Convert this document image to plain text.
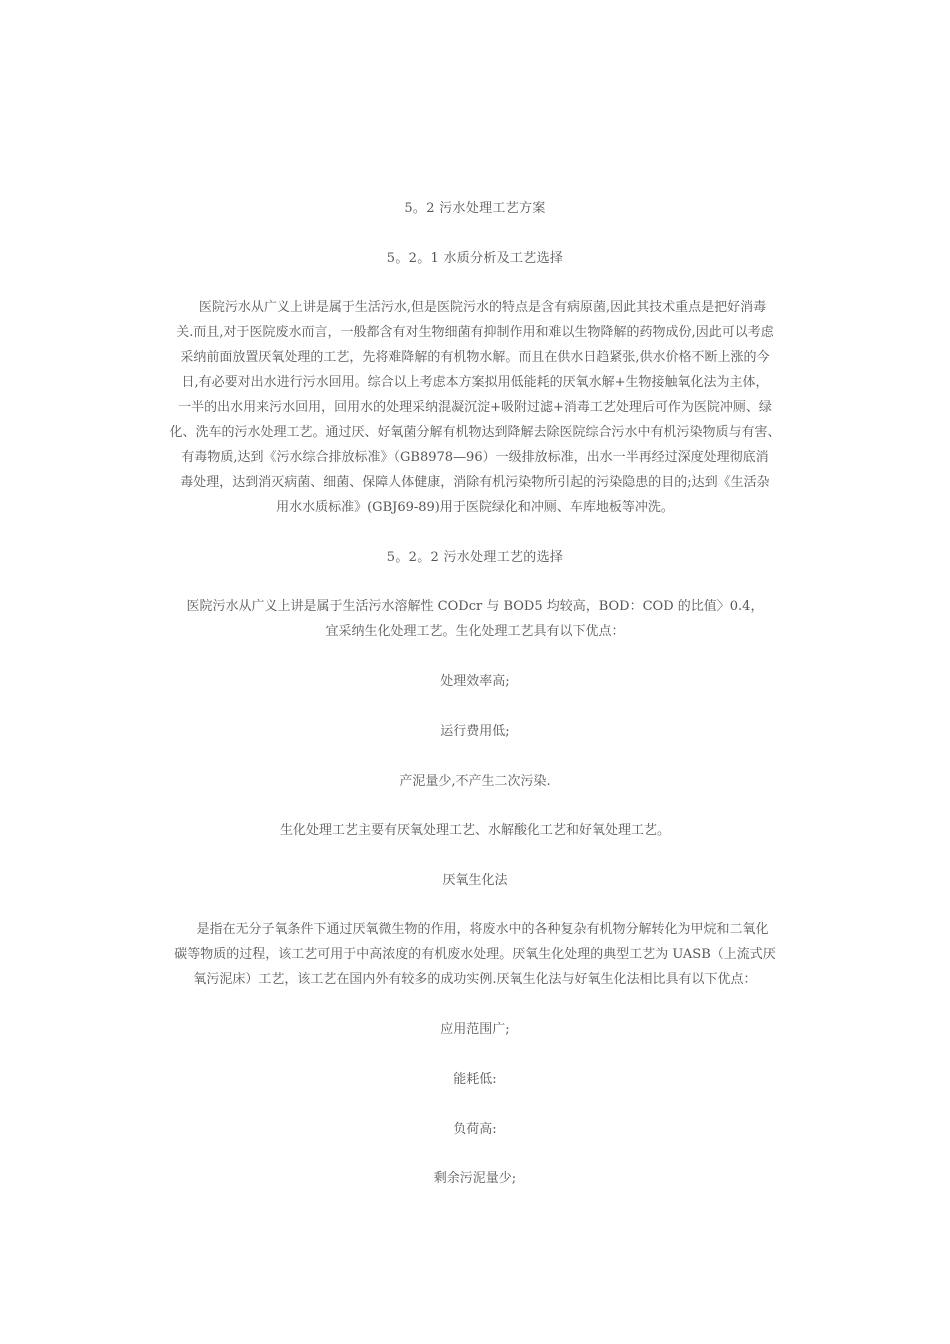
5。2 污水处理工艺方案
5。2。1 水质分析及工艺选择
医院污水从广义上讲是属于生活污水,但是医院污水的特点是含有病原菌,因此其技术重点是把好消毒
关.而且,对于医院废水而言，一般都含有对生物细菌有抑制作用和难以生物降解的药物成份,因此可以考虑
采纳前面放置厌氧处理的工艺，先将难降解的有机物水解。而且在供水日趋紧张,供水价格不断上涨的今
日,有必要对出水进行污水回用。综合以上考虑本方案拟用低能耗的厌氧水解+生物接触氧化法为主体，
一半的出水用来污水回用，回用水的处理采纳混凝沉淀+吸附过滤+消毒工艺处理后可作为医院冲厕、绿
化、洗车的污水处理工艺。通过厌、好氧菌分解有机物达到降解去除医院综合污水中有机污染物质与有害、
有毒物质,达到《污水综合排放标准》（GB8978—96）一级排放标准，出水一半再经过深度处理彻底消
毒处理，达到消灭病菌、细菌、保障人体健康，消除有机污染物所引起的污染隐患的目的;达到《生活杂
用水水质标准》(GBJ69-89)用于医院绿化和冲厕、车库地板等冲洗。
5。2。2 污水处理工艺的选择
医院污水从广义上讲是属于生活污水溶解性 CODcr 与 BOD5 均较高，BOD：COD 的比值〉0.4，
宜采纳生化处理工艺。生化处理工艺具有以下优点：
处理效率高;
运行费用低;
产泥量少,不产生二次污染.
生化处理工艺主要有厌氧处理工艺、水解酸化工艺和好氧处理工艺。
厌氧生化法
是指在无分子氧条件下通过厌氧微生物的作用，将废水中的各种复杂有机物分解转化为甲烷和二氧化
碳等物质的过程，该工艺可用于中高浓度的有机废水处理。厌氧生化处理的典型工艺为 UASB（上流式厌
氧污泥床）工艺，该工艺在国内外有较多的成功实例.厌氧生化法与好氧生化法相比具有以下优点：
应用范围广;
能耗低:
负荷高:
剩余污泥量少;
